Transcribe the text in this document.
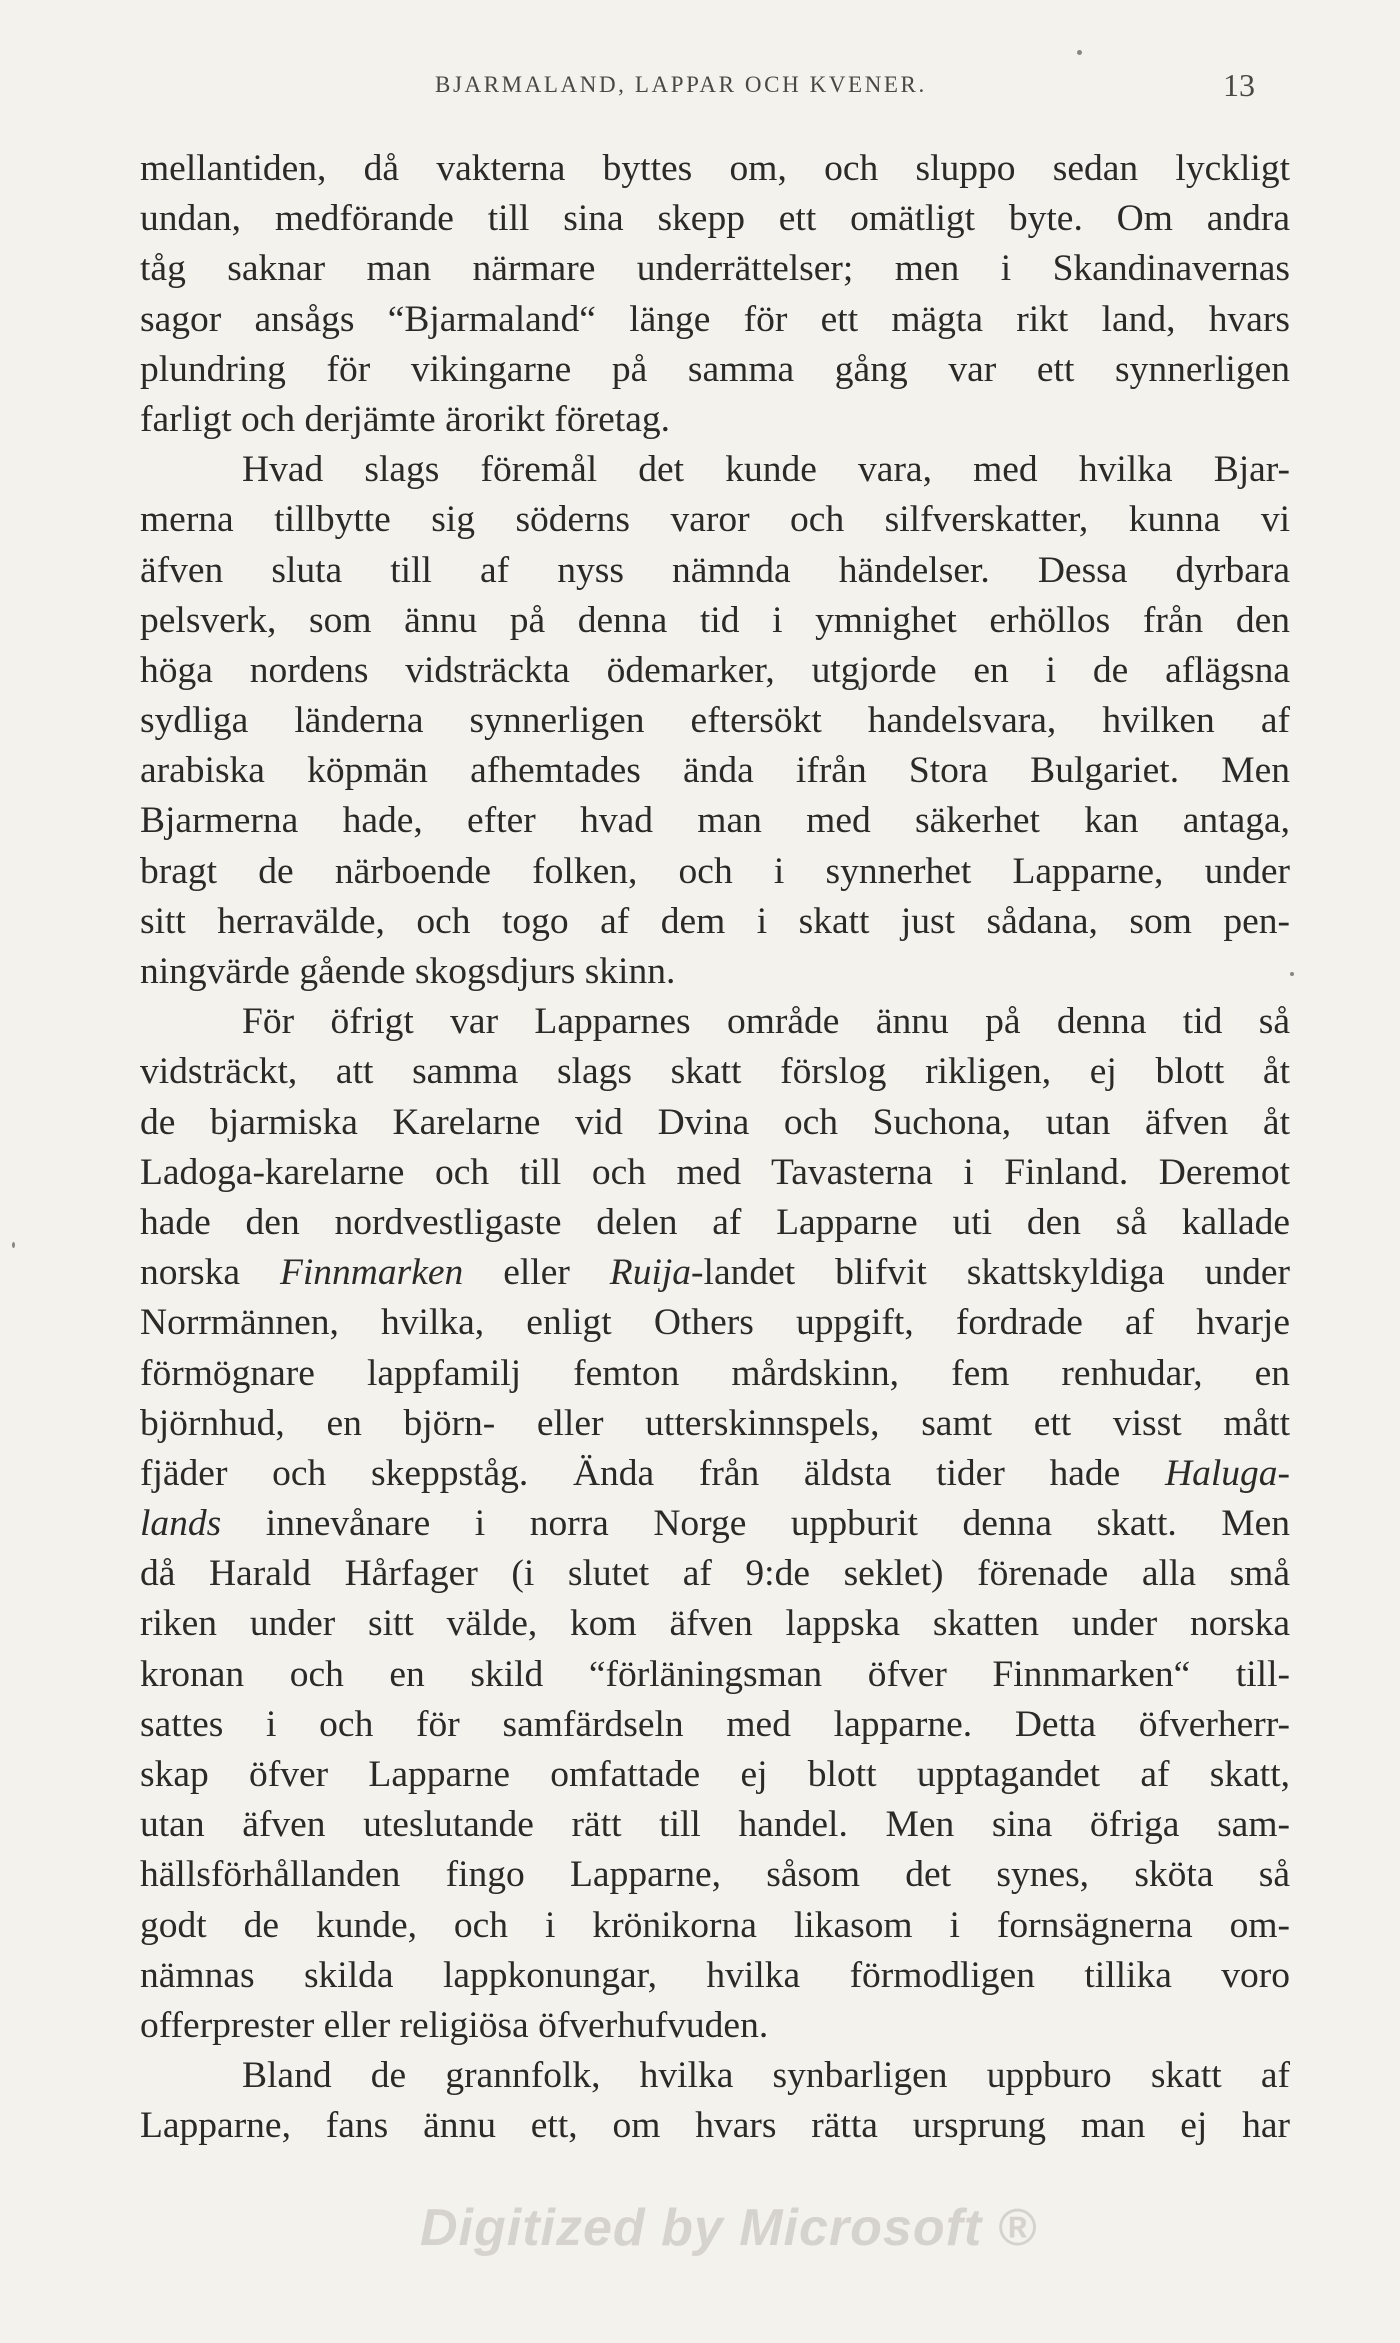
BJARMALAND, LAPPAR OCH KVENER.	13
mellantiden, då vakterna byttes om, och sluppo sedan lyckligt
undan, medförande till sina skepp ett omätligt byte. Om andra
tåg saknar man närmare underrättelser; men i Skandinavernas
sagor ansågs “Bjarmaland“ länge för ett mägta rikt land, hvars
plundring för vikingarne på samma gång var ett synnerligen
farligt och derjämte ärorikt företag.
Hvad slags föremål det kunde vara, med hvilka Bjar-
merna tillbytte sig söderns varor och silfverskatter, kunna vi
äfven sluta till af nyss nämnda händelser. Dessa dyrbara
pelsverk, som ännu på denna tid i ymnighet erhöllos från den
höga nordens vidsträckta ödemarker, utgjorde en i de aflägsna
sydliga länderna synnerligen eftersökt handelsvara, hvilken af
arabiska köpmän afhemtades ända ifrån Stora Bulgariet. Men
Bjarmerna hade, efter hvad man med säkerhet kan antaga,
bragt de närboende folken, och i synnerhet Lapparne, under
sitt herravälde, och togo af dem i skatt just sådana, som pen-
ningvärde gående skogsdjurs skinn.
För öfrigt var Lapparnes område ännu på denna tid så
vidsträckt, att samma slags skatt förslog rikligen, ej blott åt
de bjarmiska Karelarne vid Dvina och Suchona, utan äfven åt
Ladoga-karelarne och till och med Tavasterna i Finland. Deremot
hade den nordvestligaste delen af Lapparne uti den så kallade
norska Finnmarken eller Ruija-landet blifvit skattskyldiga under
Norrmännen, hvilka, enligt Others uppgift, fordrade af hvarje
förmögnare lappfamilj femton mårdskinn, fem renhudar, en
björnhud, en björn- eller utterskinnspels, samt ett visst mått
fjäder och skeppståg. Ända från äldsta tider hade Haluga-
lands innevånare i norra Norge uppburit denna skatt. Men
då Harald Hårfager (i slutet af 9:de seklet) förenade alla små
riken under sitt välde, kom äfven lappska skatten under norska
kronan och en skild “förläningsman öfver Finnmarken“ till-
sattes i och för samfärdseln med lapparne. Detta öfverherr-
skap öfver Lapparne omfattade ej blott upptagandet af skatt,
utan äfven uteslutande rätt till handel. Men sina öfriga sam-
hällsförhållanden fingo Lapparne, såsom det synes, sköta så
godt de kunde, och i krönikorna likasom i fornsägnerna om-
nämnas skilda lappkonungar, hvilka förmodligen tillika voro
offerprester eller religiösa öfverhufvuden.
Bland de grannfolk, hvilka synbarligen uppburo skatt af
Lapparne, fans ännu ett, om hvars rätta ursprung man ej har
Digitized by Microsoft ®
